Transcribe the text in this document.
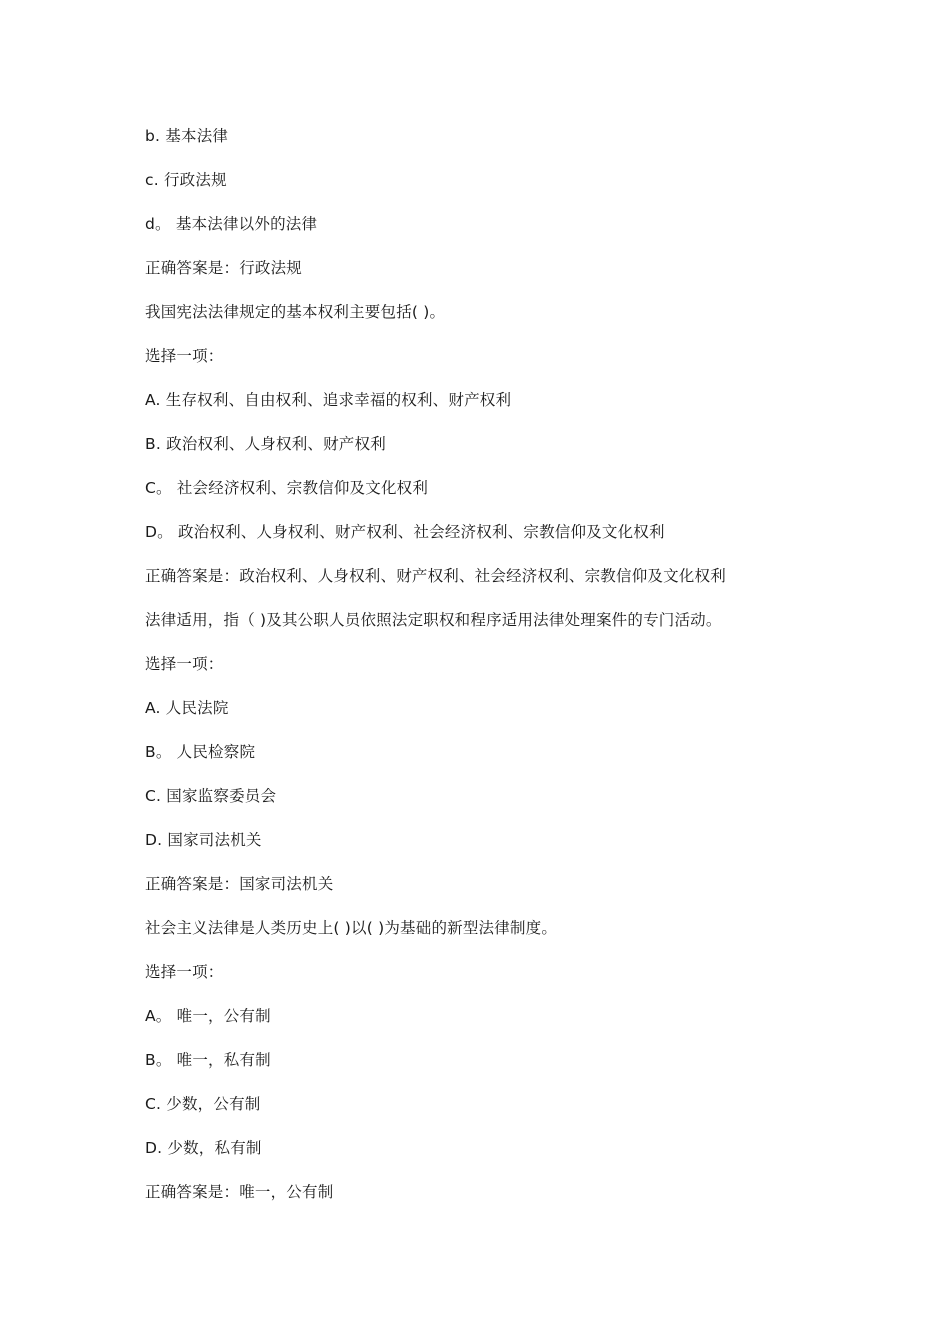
b. 基本法律
c. 行政法规
d。 基本法律以外的法律
正确答案是：行政法规
我国宪法法律规定的基本权利主要包括( )。
选择一项：
A. 生存权利、自由权利、追求幸福的权利、财产权利
B. 政治权利、人身权利、财产权利
C。 社会经济权利、宗教信仰及文化权利
D。 政治权利、人身权利、财产权利、社会经济权利、宗教信仰及文化权利
正确答案是：政治权利、人身权利、财产权利、社会经济权利、宗教信仰及文化权利
法律适用，指（ )及其公职人员依照法定职权和程序适用法律处理案件的专门活动。
选择一项：
A. 人民法院
B。 人民检察院
C. 国家监察委员会
D. 国家司法机关
正确答案是：国家司法机关
社会主义法律是人类历史上( )以( )为基础的新型法律制度。
选择一项：
A。 唯一，公有制
B。 唯一，私有制
C. 少数，公有制
D. 少数，私有制
正确答案是：唯一，公有制
